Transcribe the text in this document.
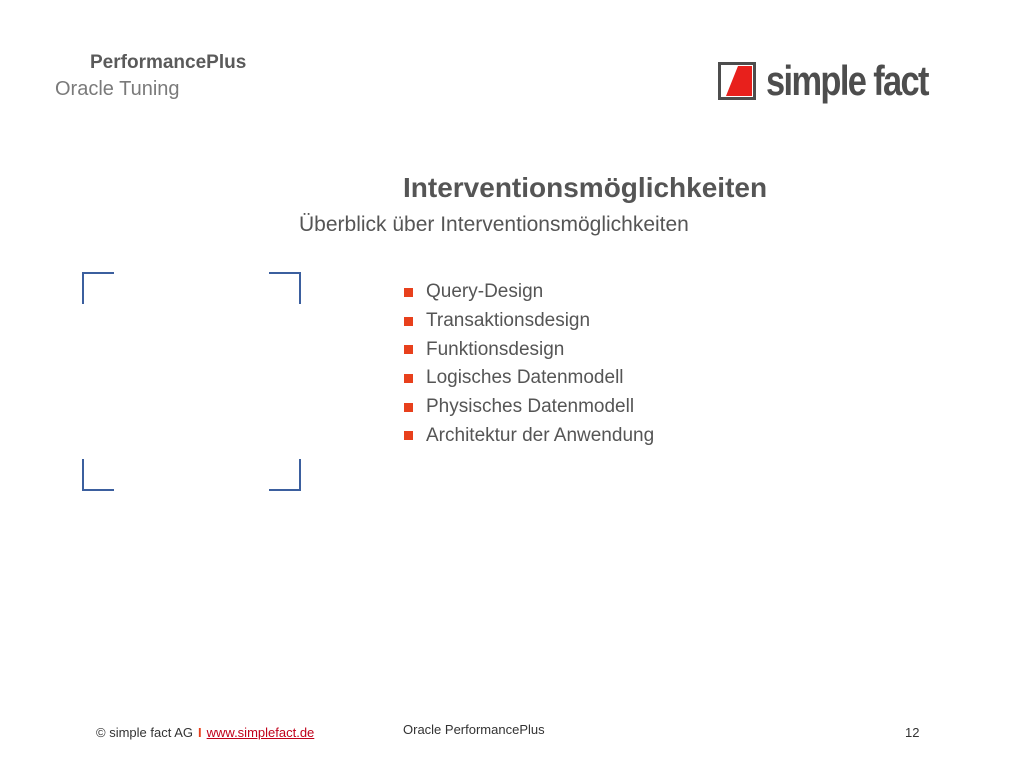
PerformancePlus
Oracle Tuning	simple fact
Interventionsmöglichkeiten
Überblick über Interventionsmöglichkeiten
Query-Design
Transaktionsdesign
Funktionsdesign
Logisches Datenmodell
Physisches Datenmodell
Architektur der Anwendung
© simple fact AG I www.simplefact.de	Oracle PerformancePlus	12
